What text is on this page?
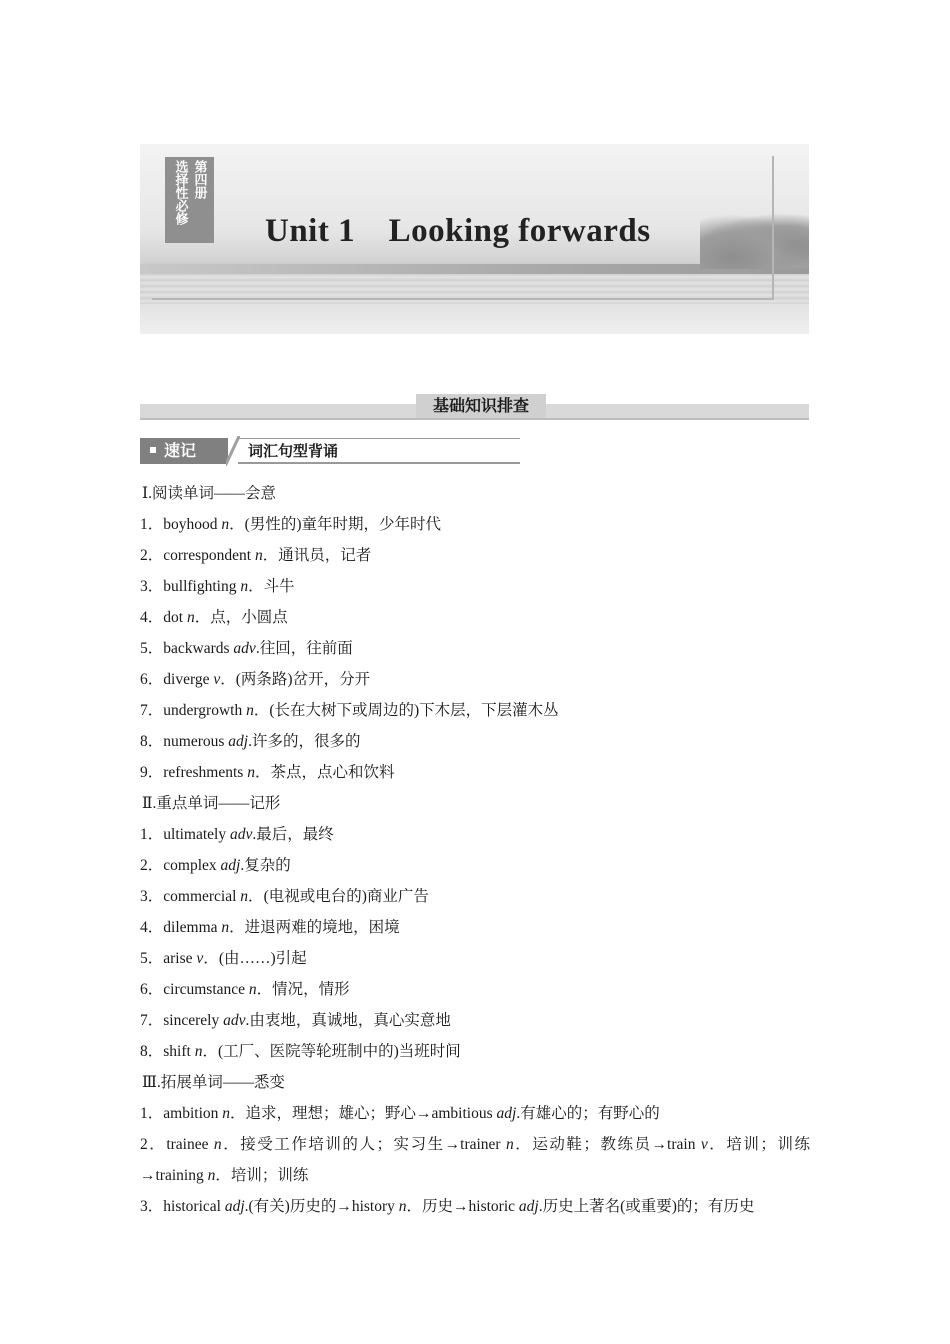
第四册
选择性必修
Unit 1　Looking forwards
基础知识排查
速记	词汇句型背诵
Ⅰ.阅读单词——会意
1．boyhood n．(男性的)童年时期，少年时代
2．correspondent n．通讯员，记者
3．bullfighting n．斗牛
4．dot n．点，小圆点
5．backwards adv.往回，往前面
6．diverge v．(两条路)岔开，分开
7．undergrowth n．(长在大树下或周边的)下木层，下层灌木丛
8．numerous adj.许多的，很多的
9．refreshments n．茶点，点心和饮料
Ⅱ.重点单词——记形
1．ultimately adv.最后，最终
2．complex adj.复杂的
3．commercial n．(电视或电台的)商业广告
4．dilemma n．进退两难的境地，困境
5．arise v．(由……)引起
6．circumstance n．情况，情形
7．sincerely adv.由衷地，真诚地，真心实意地
8．shift n．(工厂、医院等轮班制中的)当班时间
Ⅲ.拓展单词——悉变
1．ambition n．追求，理想；雄心；野心→ambitious adj.有雄心的；有野心的
2．trainee n．接受工作培训的人；实习生→trainer n．运动鞋；教练员→train v．培训；训练→training n．培训；训练
3．historical adj.(有关)历史的→history n．历史→historic adj.历史上著名(或重要)的；有历史
